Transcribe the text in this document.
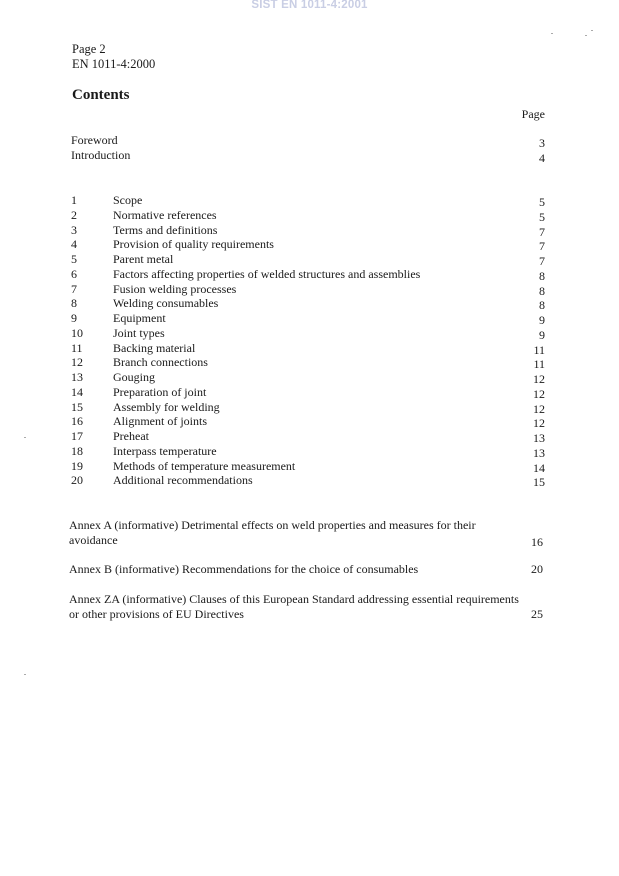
SIST EN 1011-4:2001
Page 2
EN 1011-4:2000
Contents
Page
Foreword	3
Introduction	4
1	Scope	5
2	Normative references	5
3	Terms and definitions	7
4	Provision of quality requirements	7
5	Parent metal	7
6	Factors affecting properties of welded structures and assemblies	8
7	Fusion welding processes	8
8	Welding consumables	8
9	Equipment	9
10	Joint types	9
11	Backing material	11
12	Branch connections	11
13	Gouging	12
14	Preparation of joint	12
15	Assembly for welding	12
16	Alignment of joints	12
17	Preheat	13
18	Interpass temperature	13
19	Methods of temperature measurement	14
20	Additional recommendations	15
Annex A (informative) Detrimental effects on weld properties and measures for their
avoidance	16
Annex B (informative) Recommendations for the choice of consumables	20
Annex ZA (informative) Clauses of this European Standard addressing essential requirements
or other provisions of EU Directives	25
